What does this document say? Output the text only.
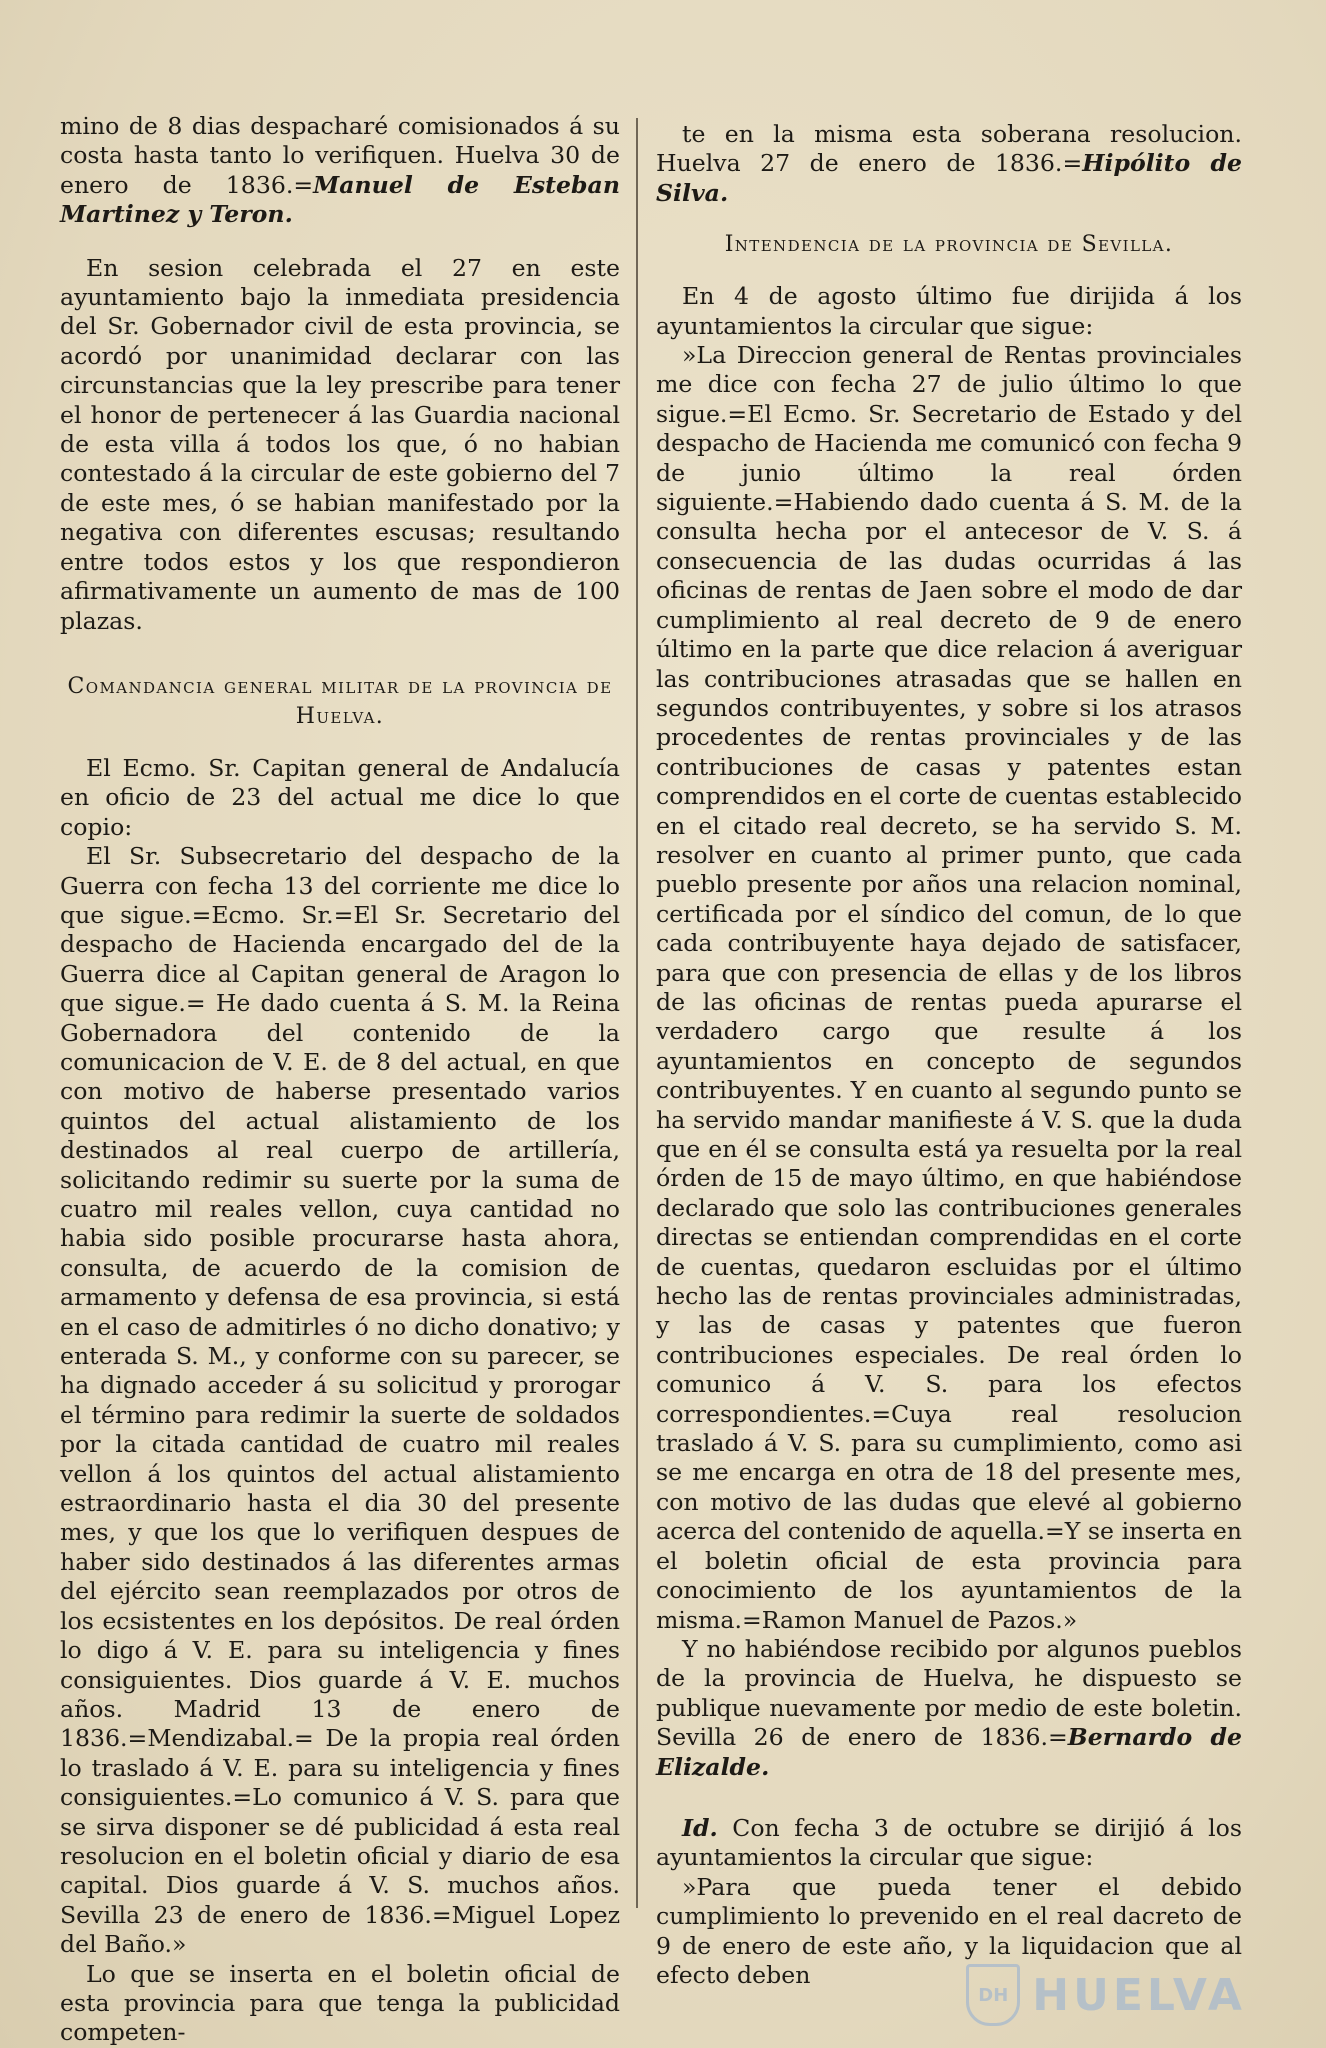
mino de 8 dias despacharé comisionados á su costa hasta tanto lo verifiquen. Huelva 30 de enero de 1836.=Manuel de Esteban Martinez y Teron.

En sesion celebrada el 27 en este ayuntamiento bajo la inmediata presidencia del Sr. Gobernador civil de esta provincia, se acordó por unanimidad declarar con las circunstancias que la ley prescribe para tener el honor de pertenecer á las Guardia nacional de esta villa á todos los que, ó no habian contestado á la circular de este gobierno del 7 de este mes, ó se habian manifestado por la negativa con diferentes escusas; resultando entre todos estos y los que respondieron afirmativamente un aumento de mas de 100 plazas.

Comandancia general militar de la provincia de Huelva.

El Ecmo. Sr. Capitan general de Andalucía en oficio de 23 del actual me dice lo que copio:

El Sr. Subsecretario del despacho de la Guerra con fecha 13 del corriente me dice lo que sigue.=Ecmo. Sr.=El Sr. Secretario del despacho de Hacienda encargado del de la Guerra dice al Capitan general de Aragon lo que sigue.= He dado cuenta á S. M. la Reina Gobernadora del contenido de la comunicacion de V. E. de 8 del actual, en que con motivo de haberse presentado varios quintos del actual alistamiento de los destinados al real cuerpo de artillería, solicitando redimir su suerte por la suma de cuatro mil reales vellon, cuya cantidad no habia sido posible procurarse hasta ahora, consulta, de acuerdo de la comision de armamento y defensa de esa provincia, si está en el caso de admitirles ó no dicho donativo; y enterada S. M., y conforme con su parecer, se ha dignado acceder á su solicitud y prorogar el término para redimir la suerte de soldados por la citada cantidad de cuatro mil reales vellon á los quintos del actual alistamiento estraordinario hasta el dia 30 del presente mes, y que los que lo verifiquen despues de haber sido destinados á las diferentes armas del ejército sean reemplazados por otros de los ecsistentes en los depósitos. De real órden lo digo á V. E. para su inteligencia y fines consiguientes. Dios guarde á V. E. muchos años. Madrid 13 de enero de 1836.=Mendizabal.= De la propia real órden lo traslado á V. E. para su inteligencia y fines consiguientes.=Lo comunico á V. S. para que se sirva disponer se dé publicidad á esta real resolucion en el boletin oficial y diario de esa capital. Dios guarde á V. S. muchos años. Sevilla 23 de enero de 1836.=Miguel Lopez del Baño.»

Lo que se inserta en el boletin oficial de esta provincia para que tenga la publicidad competen-

te en la misma esta soberana resolucion. Huelva 27 de enero de 1836.=Hipólito de Silva.

Intendencia de la provincia de Sevilla.

En 4 de agosto último fue dirijida á los ayuntamientos la circular que sigue:

»La Direccion general de Rentas provinciales me dice con fecha 27 de julio último lo que sigue.=El Ecmo. Sr. Secretario de Estado y del despacho de Hacienda me comunicó con fecha 9 de junio último la real órden siguiente.=Habiendo dado cuenta á S. M. de la consulta hecha por el antecesor de V. S. á consecuencia de las dudas ocurridas á las oficinas de rentas de Jaen sobre el modo de dar cumplimiento al real decreto de 9 de enero último en la parte que dice relacion á averiguar las contribuciones atrasadas que se hallen en segundos contribuyentes, y sobre si los atrasos procedentes de rentas provinciales y de las contribuciones de casas y patentes estan comprendidos en el corte de cuentas establecido en el citado real decreto, se ha servido S. M. resolver en cuanto al primer punto, que cada pueblo presente por años una relacion nominal, certificada por el síndico del comun, de lo que cada contribuyente haya dejado de satisfacer, para que con presencia de ellas y de los libros de las oficinas de rentas pueda apurarse el verdadero cargo que resulte á los ayuntamientos en concepto de segundos contribuyentes. Y en cuanto al segundo punto se ha servido mandar manifieste á V. S. que la duda que en él se consulta está ya resuelta por la real órden de 15 de mayo último, en que habiéndose declarado que solo las contribuciones generales directas se entiendan comprendidas en el corte de cuentas, quedaron escluidas por el último hecho las de rentas provinciales administradas, y las de casas y patentes que fueron contribuciones especiales. De real órden lo comunico á V. S. para los efectos correspondientes.=Cuya real resolucion traslado á V. S. para su cumplimiento, como asi se me encarga en otra de 18 del presente mes, con motivo de las dudas que elevé al gobierno acerca del contenido de aquella.=Y se inserta en el boletin oficial de esta provincia para conocimiento de los ayuntamientos de la misma.=Ramon Manuel de Pazos.»

Y no habiéndose recibido por algunos pueblos de la provincia de Huelva, he dispuesto se publique nuevamente por medio de este boletin. Sevilla 26 de enero de 1836.=Bernardo de Elizalde.

Id. Con fecha 3 de octubre se dirijió á los ayuntamientos la circular que sigue:

»Para que pueda tener el debido cumplimiento lo prevenido en el real dacreto de 9 de enero de este año, y la liquidacion que al efecto deben

DH HUELVA
